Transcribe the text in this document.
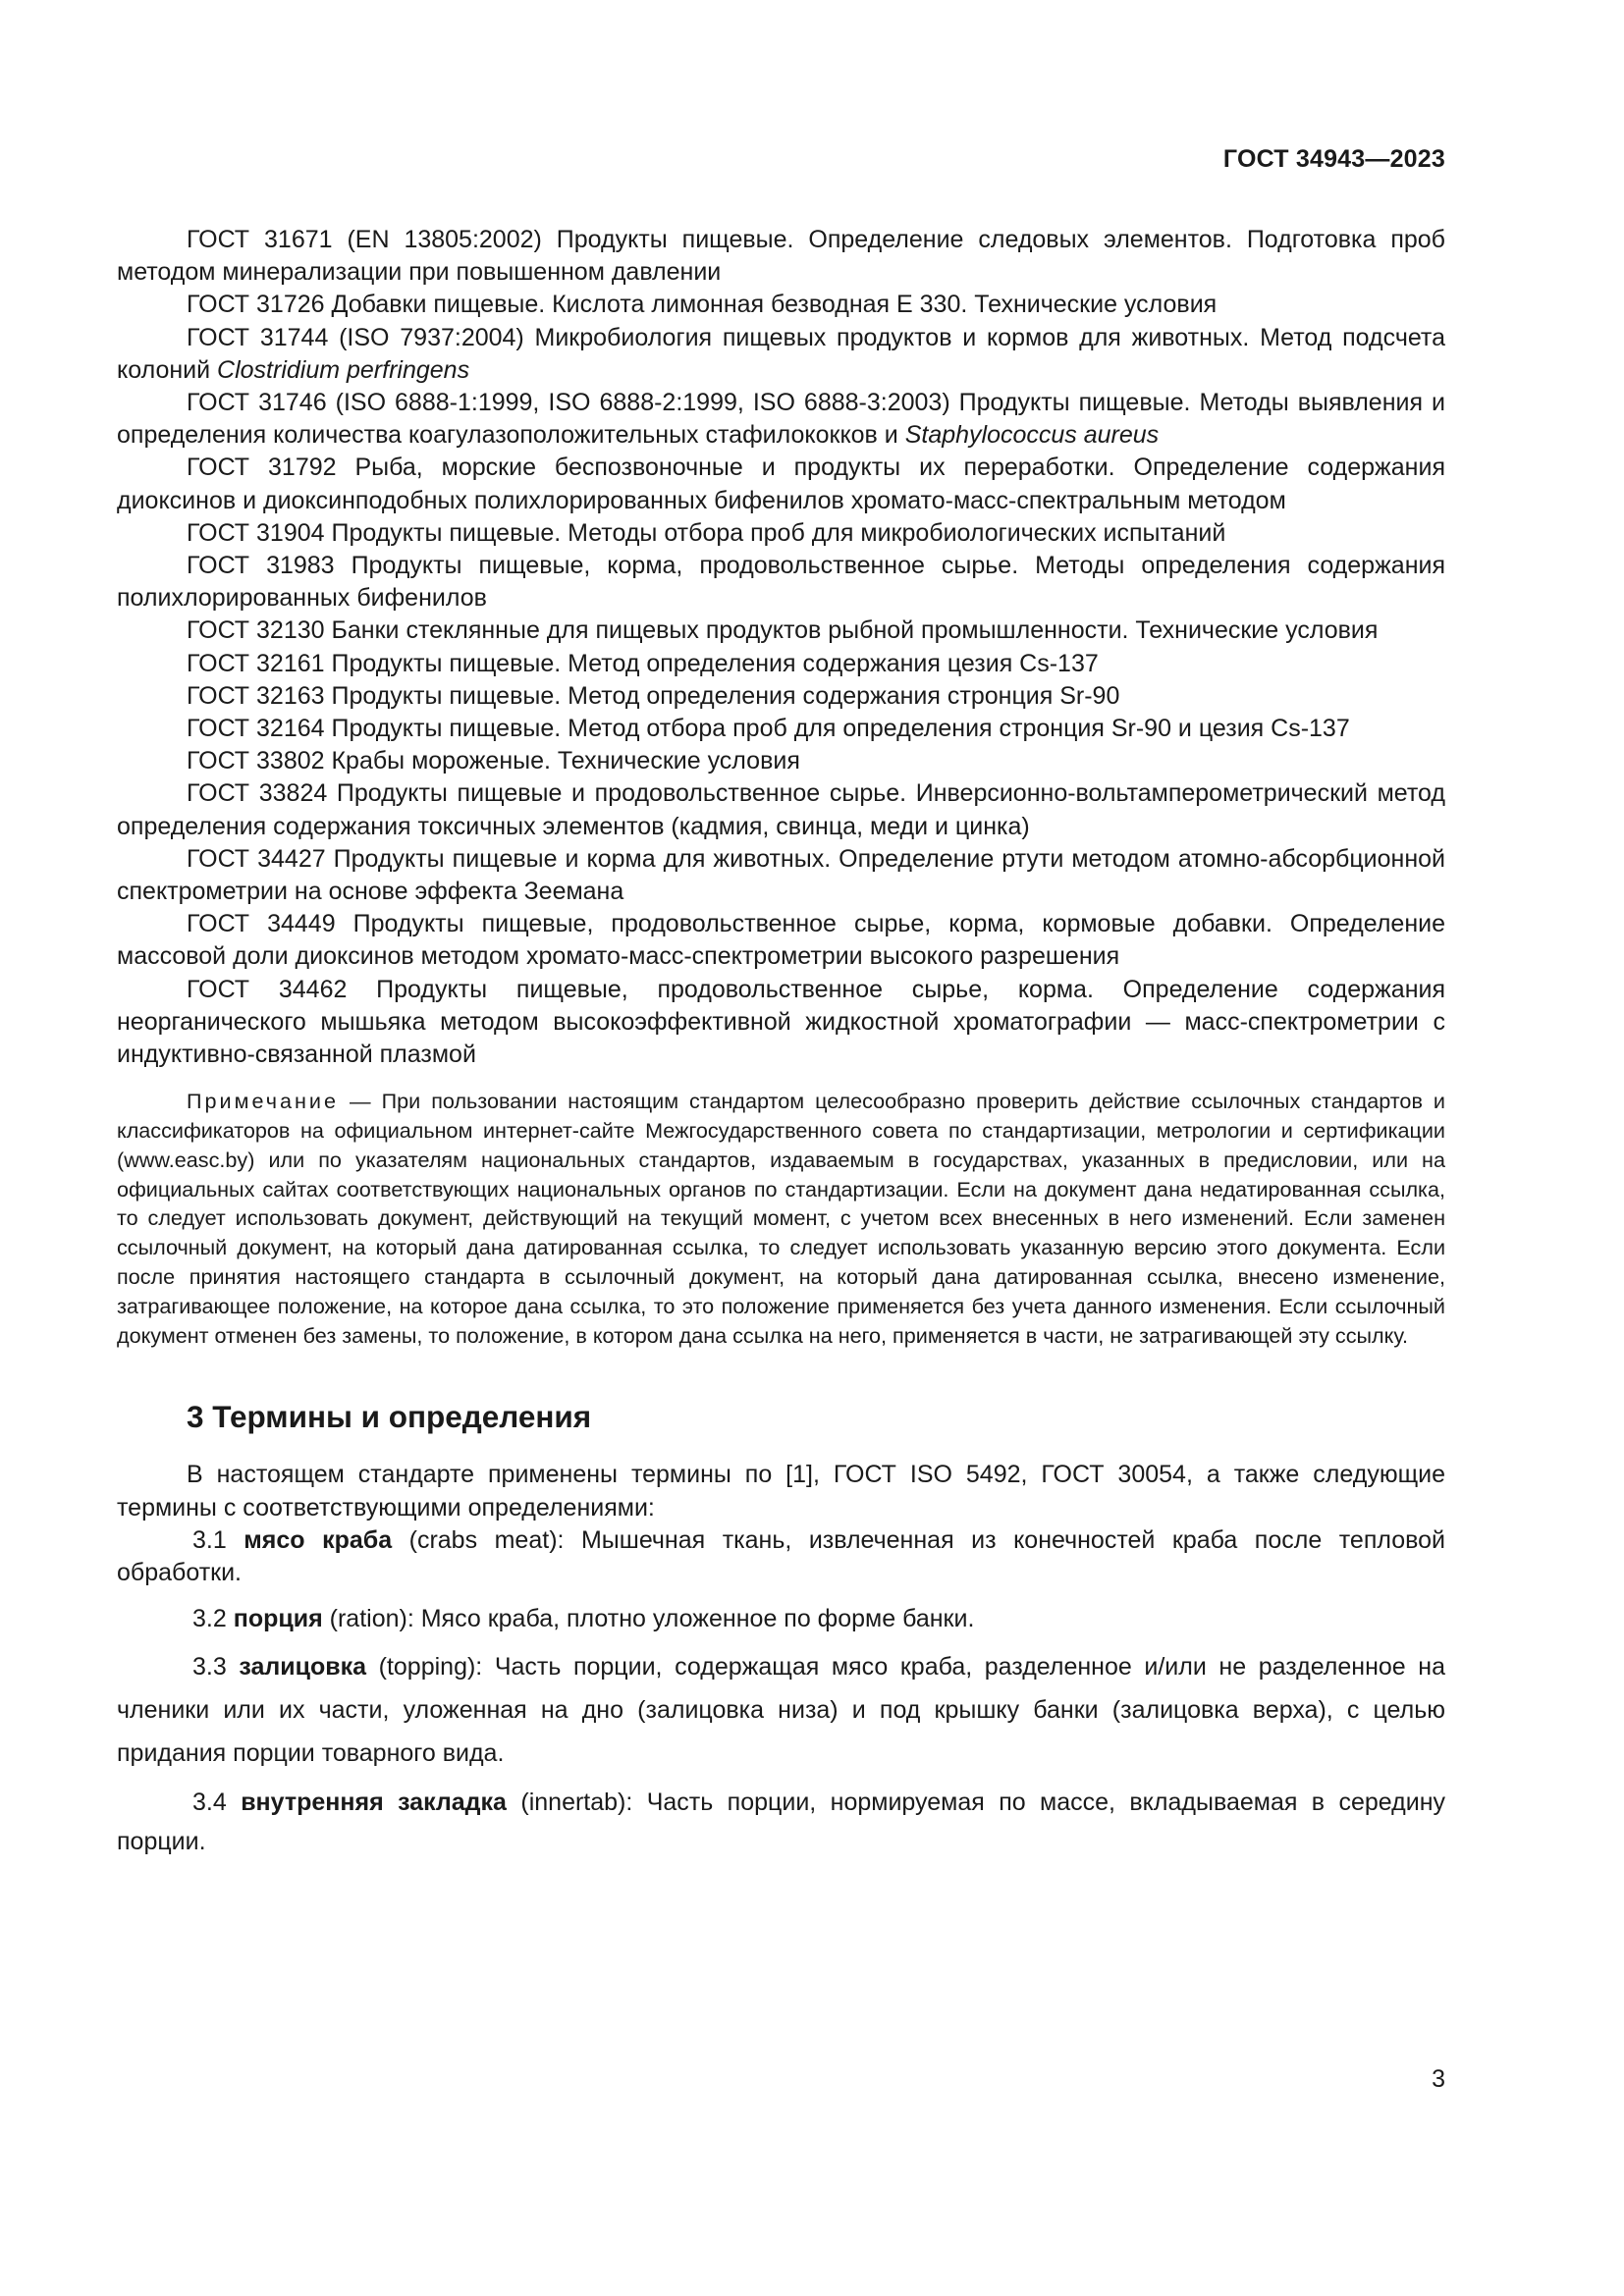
ГОСТ 34943—2023

ГОСТ 31671 (EN 13805:2002) Продукты пищевые. Определение следовых элементов. Подготовка проб методом минерализации при повышенном давлении

ГОСТ 31726 Добавки пищевые. Кислота лимонная безводная Е 330. Технические условия

ГОСТ 31744 (ISO 7937:2004) Микробиология пищевых продуктов и кормов для животных. Метод подсчета колоний Clostridium perfringens

ГОСТ 31746 (ISO 6888-1:1999, ISO 6888-2:1999, ISO 6888-3:2003) Продукты пищевые. Методы выявления и определения количества коагулазоположительных стафилококков и Staphylococcus aureus

ГОСТ 31792 Рыба, морские беспозвоночные и продукты их переработки. Определение содержания диоксинов и диоксинподобных полихлорированных бифенилов хромато-масс-спектральным методом

ГОСТ 31904 Продукты пищевые. Методы отбора проб для микробиологических испытаний

ГОСТ 31983 Продукты пищевые, корма, продовольственное сырье. Методы определения содержания полихлорированных бифенилов

ГОСТ 32130 Банки стеклянные для пищевых продуктов рыбной промышленности. Технические условия

ГОСТ 32161 Продукты пищевые. Метод определения содержания цезия Cs-137

ГОСТ 32163 Продукты пищевые. Метод определения содержания стронция Sr-90

ГОСТ 32164 Продукты пищевые. Метод отбора проб для определения стронция Sr-90 и цезия Cs-137

ГОСТ 33802 Крабы мороженые. Технические условия

ГОСТ 33824 Продукты пищевые и продовольственное сырье. Инверсионно-вольтамперометрический метод определения содержания токсичных элементов (кадмия, свинца, меди и цинка)

ГОСТ 34427 Продукты пищевые и корма для животных. Определение ртути методом атомно-абсорбционной спектрометрии на основе эффекта Зеемана

ГОСТ 34449 Продукты пищевые, продовольственное сырье, корма, кормовые добавки. Определение массовой доли диоксинов методом хромато-масс-спектрометрии высокого разрешения

ГОСТ 34462 Продукты пищевые, продовольственное сырье, корма. Определение содержания неорганического мышьяка методом высокоэффективной жидкостной хроматографии — масс-спектрометрии с индуктивно-связанной плазмой

Примечание — При пользовании настоящим стандартом целесообразно проверить действие ссылочных стандартов и классификаторов на официальном интернет-сайте Межгосударственного совета по стандартизации, метрологии и сертификации (www.easc.by) или по указателям национальных стандартов, издаваемым в государствах, указанных в предисловии, или на официальных сайтах соответствующих национальных органов по стандартизации. Если на документ дана недатированная ссылка, то следует использовать документ, действующий на текущий момент, с учетом всех внесенных в него изменений. Если заменен ссылочный документ, на который дана датированная ссылка, то следует использовать указанную версию этого документа. Если после принятия настоящего стандарта в ссылочный документ, на который дана датированная ссылка, внесено изменение, затрагивающее положение, на которое дана ссылка, то это положение применяется без учета данного изменения. Если ссылочный документ отменен без замены, то положение, в котором дана ссылка на него, применяется в части, не затрагивающей эту ссылку.

3 Термины и определения

В настоящем стандарте применены термины по [1], ГОСТ ISO 5492, ГОСТ 30054, а также следующие термины с соответствующими определениями:

3.1 мясо краба (crabs meat): Мышечная ткань, извлеченная из конечностей краба после тепловой обработки.

3.2 порция (ration): Мясо краба, плотно уложенное по форме банки.

3.3 залицовка (topping): Часть порции, содержащая мясо краба, разделенное и/или не разделенное на членики или их части, уложенная на дно (залицовка низа) и под крышку банки (залицовка верха), с целью придания порции товарного вида.

3.4 внутренняя закладка (innertab): Часть порции, нормируемая по массе, вкладываемая в середину порции.

3
